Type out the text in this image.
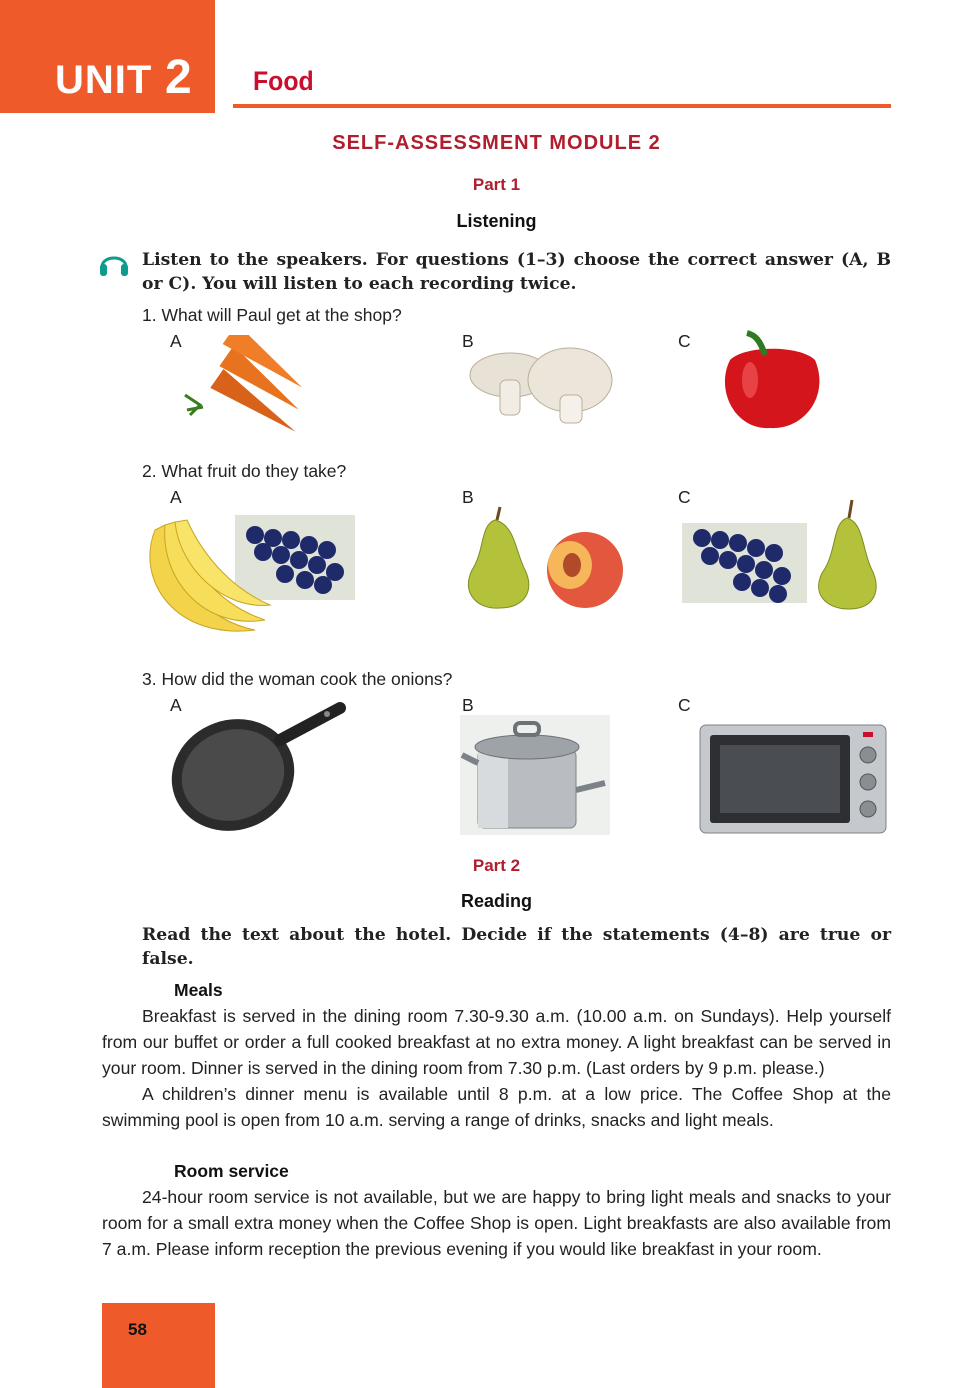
UNIT 2 Food
SELF-ASSESSMENT MODULE 2
Part 1
Listening
Listen to the speakers. For questions (1–3) choose the correct answer (A, B or C). You will listen to each recording twice.
1. What will Paul get at the shop?
A	B	C
2. What fruit do they take?
A	B	C
3. How did the woman cook the onions?
A	B	C
Part 2
Reading
Read the text about the hotel. Decide if the statements (4–8) are true or false.
Meals

Breakfast is served in the dining room 7.30-9.30 a.m. (10.00 a.m. on Sundays). Help yourself from our buffet or order a full cooked breakfast at no extra money. A light breakfast can be served in your room. Dinner is served in the dining room from 7.30 p.m. (Last orders by 9 p.m. please.)

A children’s dinner menu is available until 8 p.m. at a low price. The Coffee Shop at the swimming pool is open from 10 a.m. serving a range of drinks, snacks and light meals.

Room service

24-hour room service is not available, but we are happy to bring light meals and snacks to your room for a small extra money when the Coffee Shop is open. Light breakfasts are also available from 7 a.m. Please inform reception the previous evening if you would like breakfast in your room.

58
